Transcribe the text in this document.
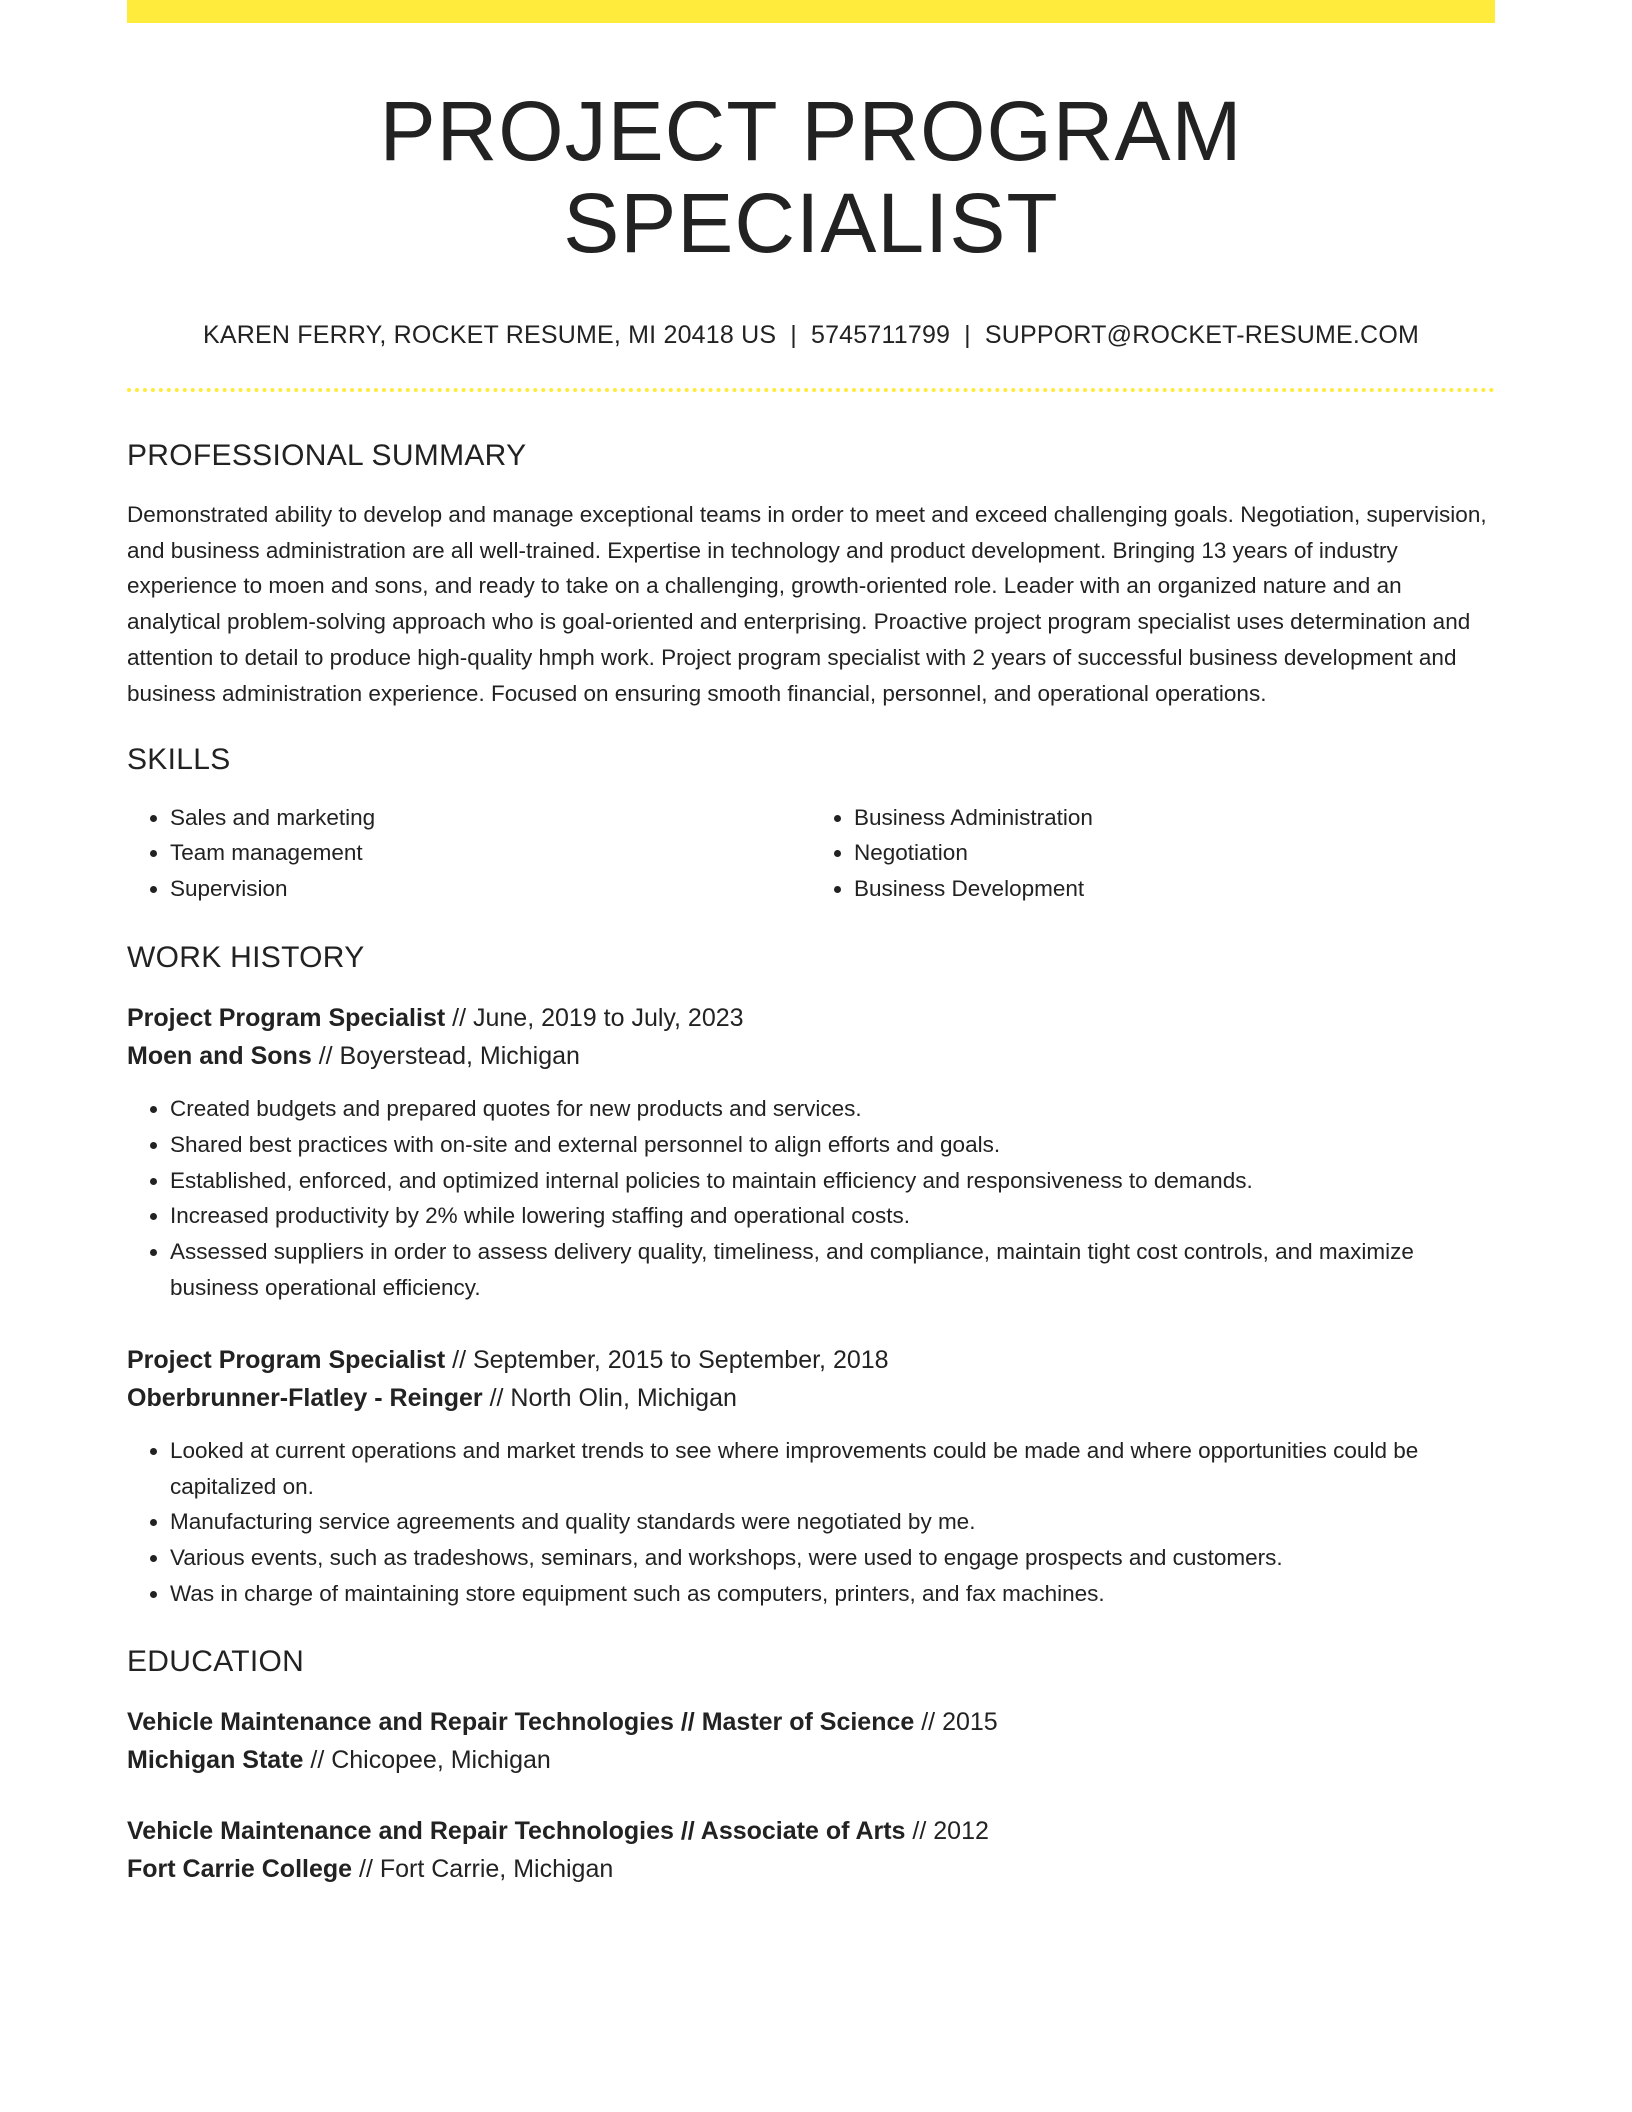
PROJECT PROGRAM SPECIALIST
KAREN FERRY, ROCKET RESUME, MI 20418 US | 5745711799 | SUPPORT@ROCKET-RESUME.COM
PROFESSIONAL SUMMARY

Demonstrated ability to develop and manage exceptional teams in order to meet and exceed challenging goals. Negotiation, supervision, and business administration are all well-trained. Expertise in technology and product development. Bringing 13 years of industry experience to moen and sons, and ready to take on a challenging, growth-oriented role. Leader with an organized nature and an analytical problem-solving approach who is goal-oriented and enterprising. Proactive project program specialist uses determination and attention to detail to produce high-quality hmph work. Project program specialist with 2 years of successful business development and business administration experience. Focused on ensuring smooth financial, personnel, and operational operations.

SKILLS
• Sales and marketing
• Team management
• Supervision
• Business Administration
• Negotiation
• Business Development
WORK HISTORY
Project Program Specialist // June, 2019 to July, 2023
Moen and Sons // Boyerstead, Michigan
• Created budgets and prepared quotes for new products and services.
• Shared best practices with on-site and external personnel to align efforts and goals.
• Established, enforced, and optimized internal policies to maintain efficiency and responsiveness to demands.
• Increased productivity by 2% while lowering staffing and operational costs.
• Assessed suppliers in order to assess delivery quality, timeliness, and compliance, maintain tight cost controls, and maximize business operational efficiency.
Project Program Specialist // September, 2015 to September, 2018
Oberbrunner-Flatley - Reinger // North Olin, Michigan
• Looked at current operations and market trends to see where improvements could be made and where opportunities could be capitalized on.
• Manufacturing service agreements and quality standards were negotiated by me.
• Various events, such as tradeshows, seminars, and workshops, were used to engage prospects and customers.
• Was in charge of maintaining store equipment such as computers, printers, and fax machines.
EDUCATION
Vehicle Maintenance and Repair Technologies // Master of Science // 2015
Michigan State // Chicopee, Michigan
Vehicle Maintenance and Repair Technologies // Associate of Arts // 2012
Fort Carrie College // Fort Carrie, Michigan
